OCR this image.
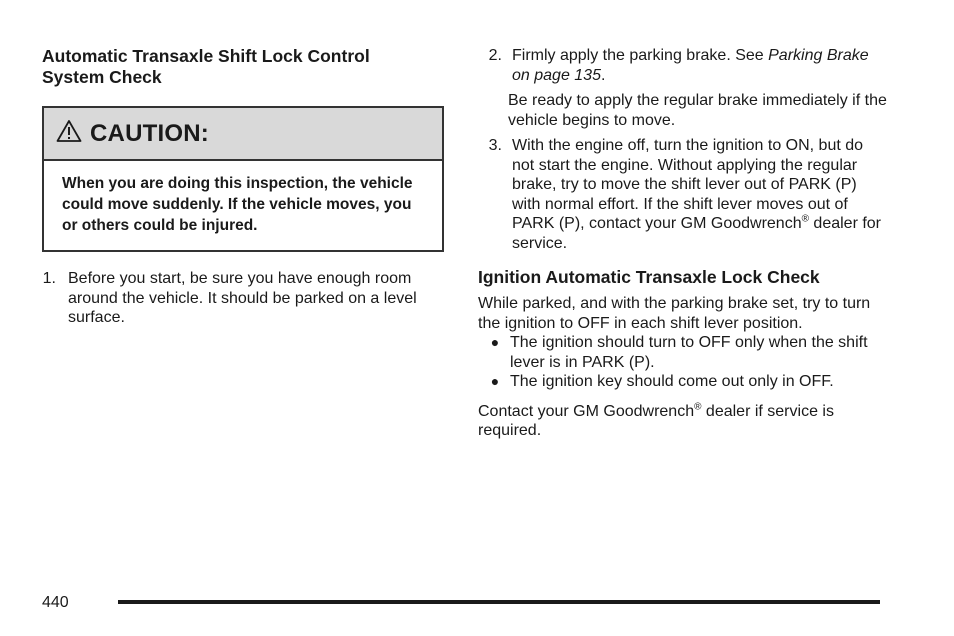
Automatic Transaxle Shift Lock Control System Check

CAUTION:
When you are doing this inspection, the vehicle could move suddenly. If the vehicle moves, you or others could be injured.
1. Before you start, be sure you have enough room around the vehicle. It should be parked on a level surface.
2. Firmly apply the parking brake. See Parking Brake on page 135.

Be ready to apply the regular brake immediately if the vehicle begins to move.

3. With the engine off, turn the ignition to ON, but do not start the engine. Without applying the regular brake, try to move the shift lever out of PARK (P) with normal effort. If the shift lever moves out of PARK (P), contact your GM Goodwrench® dealer for service.

Ignition Automatic Transaxle Lock Check

While parked, and with the parking brake set, try to turn the ignition to OFF in each shift lever position.

● The ignition should turn to OFF only when the shift lever is in PARK (P).
● The ignition key should come out only in OFF.

Contact your GM Goodwrench® dealer if service is required.

440
